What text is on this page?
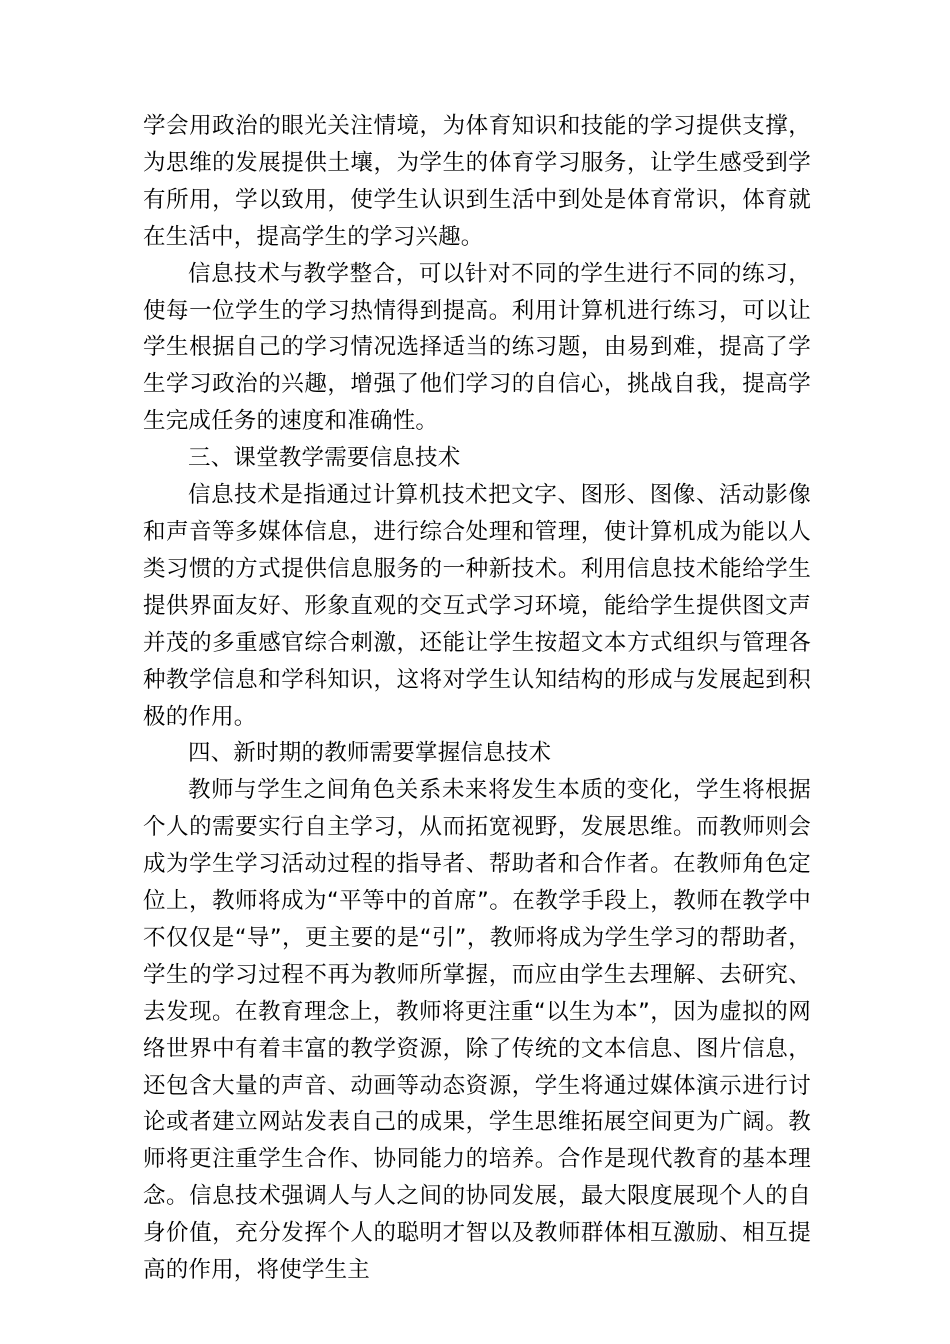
学会用政治的眼光关注情境，为体育知识和技能的学习提供支撑，为思维的发展提供土壤，为学生的体育学习服务，让学生感受到学有所用，学以致用，使学生认识到生活中到处是体育常识，体育就在生活中，提高学生的学习兴趣。

信息技术与教学整合，可以针对不同的学生进行不同的练习，使每一位学生的学习热情得到提高。利用计算机进行练习，可以让学生根据自己的学习情况选择适当的练习题，由易到难，提高了学生学习政治的兴趣，增强了他们学习的自信心，挑战自我，提高学生完成任务的速度和准确性。

三、课堂教学需要信息技术

信息技术是指通过计算机技术把文字、图形、图像、活动影像和声音等多媒体信息，进行综合处理和管理，使计算机成为能以人类习惯的方式提供信息服务的一种新技术。利用信息技术能给学生提供界面友好、形象直观的交互式学习环境，能给学生提供图文声并茂的多重感官综合刺激，还能让学生按超文本方式组织与管理各种教学信息和学科知识，这将对学生认知结构的形成与发展起到积极的作用。

四、新时期的教师需要掌握信息技术

教师与学生之间角色关系未来将发生本质的变化，学生将根据个人的需要实行自主学习，从而拓宽视野，发展思维。而教师则会成为学生学习活动过程的指导者、帮助者和合作者。在教师角色定位上，教师将成为“平等中的首席”。在教学手段上，教师在教学中不仅仅是“导”，更主要的是“引”，教师将成为学生学习的帮助者，学生的学习过程不再为教师所掌握，而应由学生去理解、去研究、去发现。在教育理念上，教师将更注重“以生为本”，因为虚拟的网络世界中有着丰富的教学资源，除了传统的文本信息、图片信息，还包含大量的声音、动画等动态资源，学生将通过媒体演示进行讨论或者建立网站发表自己的成果，学生思维拓展空间更为广阔。教师将更注重学生合作、协同能力的培养。合作是现代教育的基本理念。信息技术强调人与人之间的协同发展，最大限度展现个人的自身价值，充分发挥个人的聪明才智以及教师群体相互激励、相互提高的作用，将使学生主
